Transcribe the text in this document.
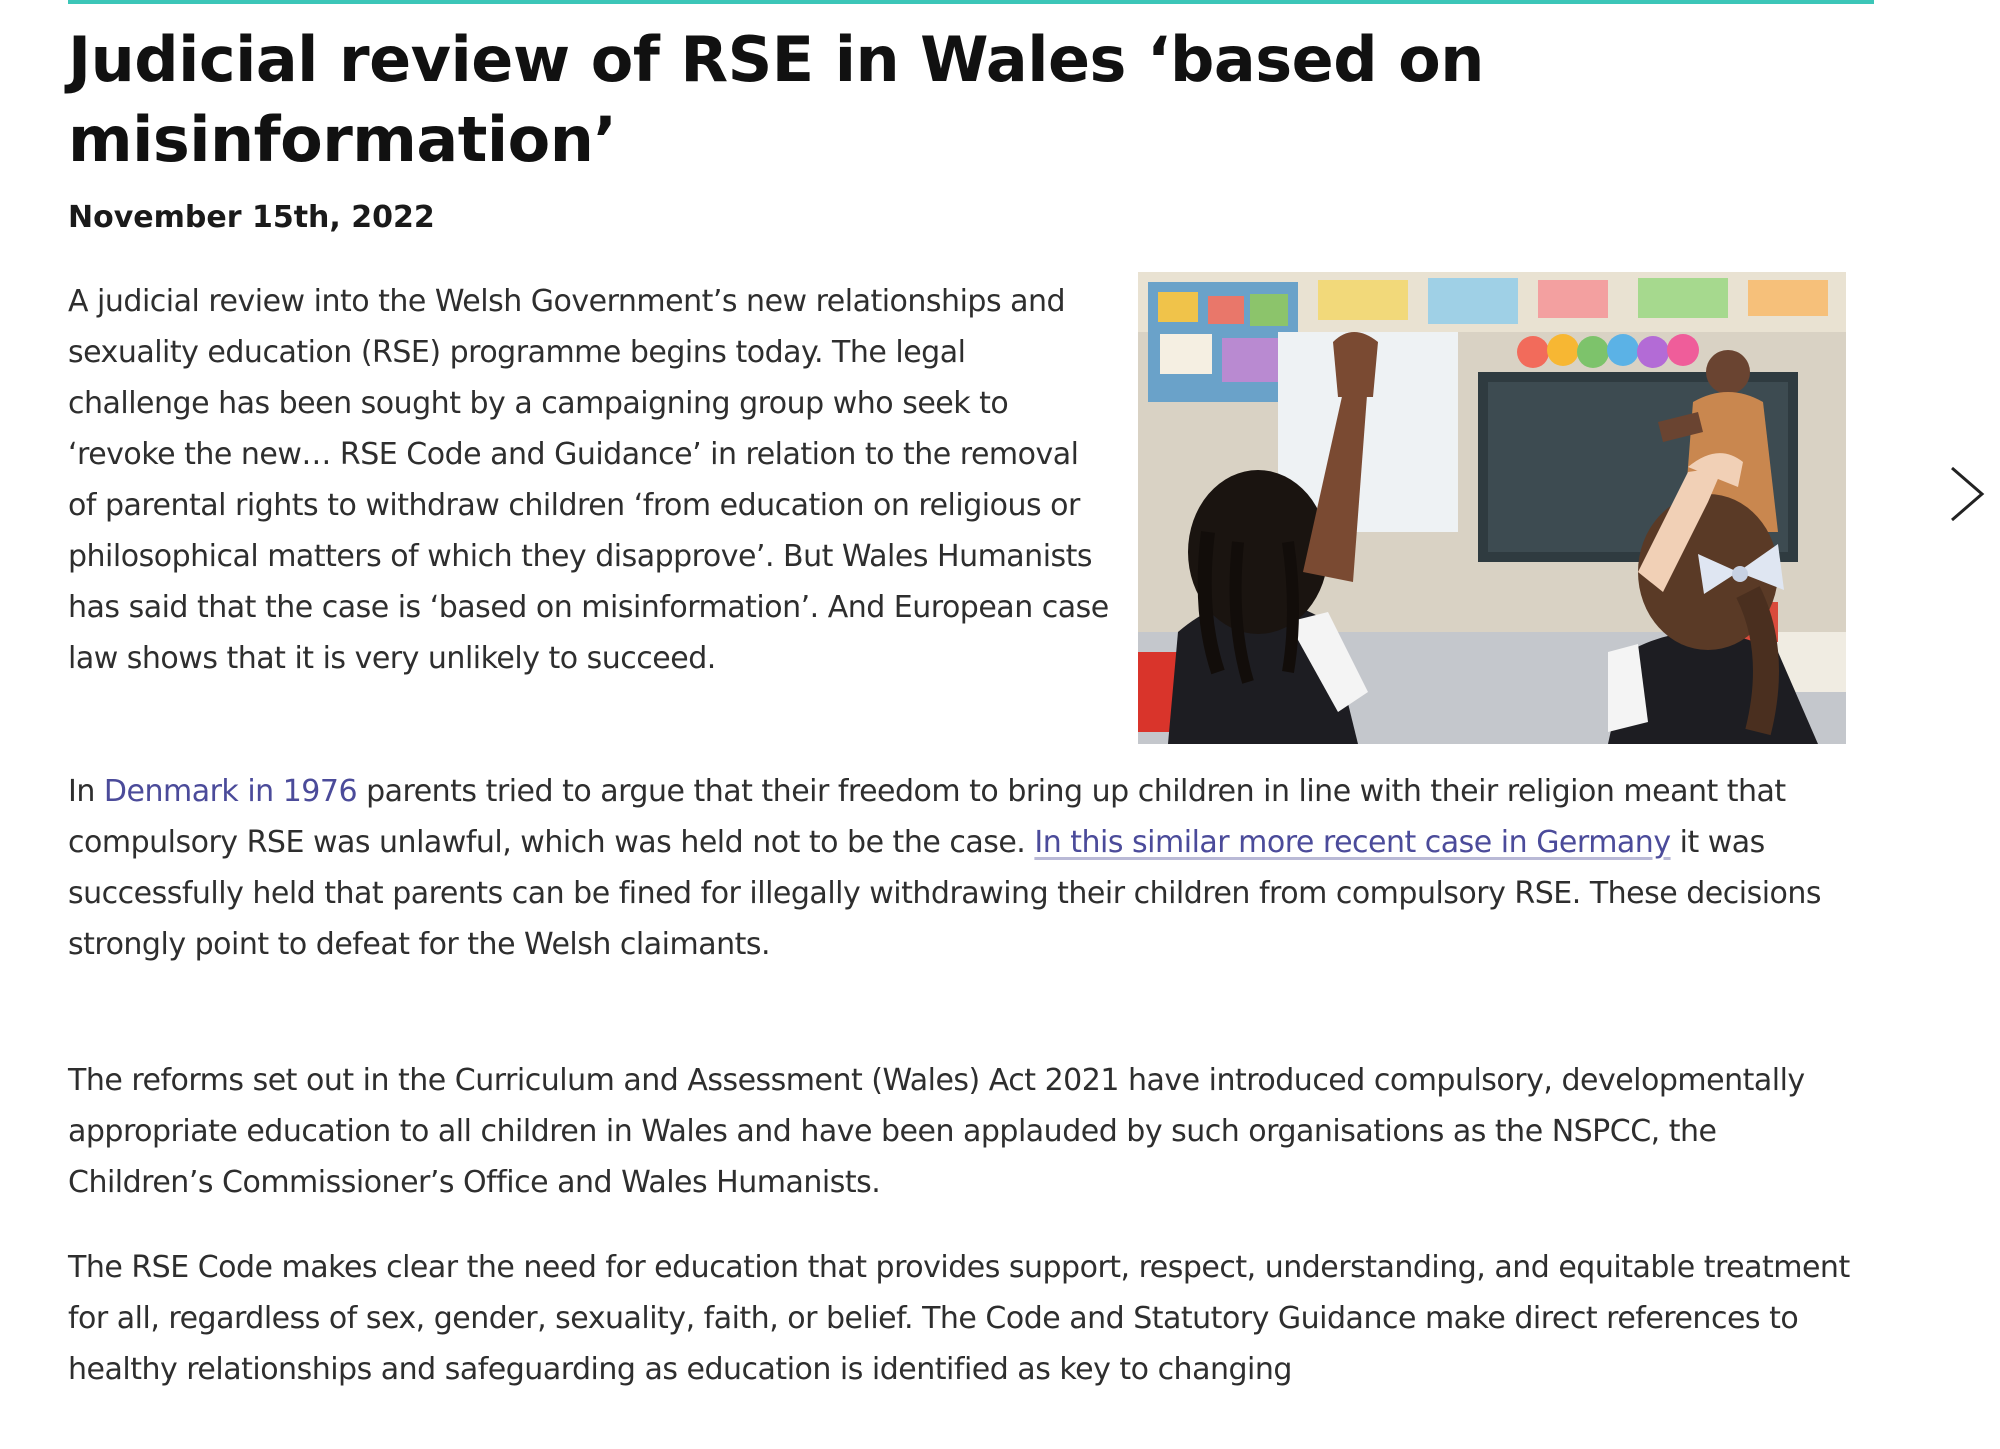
Judicial review of RSE in Wales ‘based on misinformation’

November 15th, 2022

A judicial review into the Welsh Government’s new relationships and sexuality education (RSE) programme begins today. The legal challenge has been sought by a campaigning group who seek to ‘revoke the new… RSE Code and Guidance’ in relation to the removal of parental rights to withdraw children ‘from education on religious or philosophical matters of which they disapprove’. But Wales Humanists has said that the case is ‘based on misinformation’. And European case law shows that it is very unlikely to succeed.

In Denmark in 1976 parents tried to argue that their freedom to bring up children in line with their religion meant that compulsory RSE was unlawful, which was held not to be the case. In this similar more recent case in Germany it was successfully held that parents can be fined for illegally withdrawing their children from compulsory RSE. These decisions strongly point to defeat for the Welsh claimants.

The reforms set out in the Curriculum and Assessment (Wales) Act 2021 have introduced compulsory, developmentally appropriate education to all children in Wales and have been applauded by such organisations as the NSPCC, the Children’s Commissioner’s Office and Wales Humanists.

The RSE Code makes clear the need for education that provides support, respect, understanding, and equitable treatment for all, regardless of sex, gender, sexuality, faith, or belief. The Code and Statutory Guidance make direct references to healthy relationships and safeguarding as education is identified as key to changing
